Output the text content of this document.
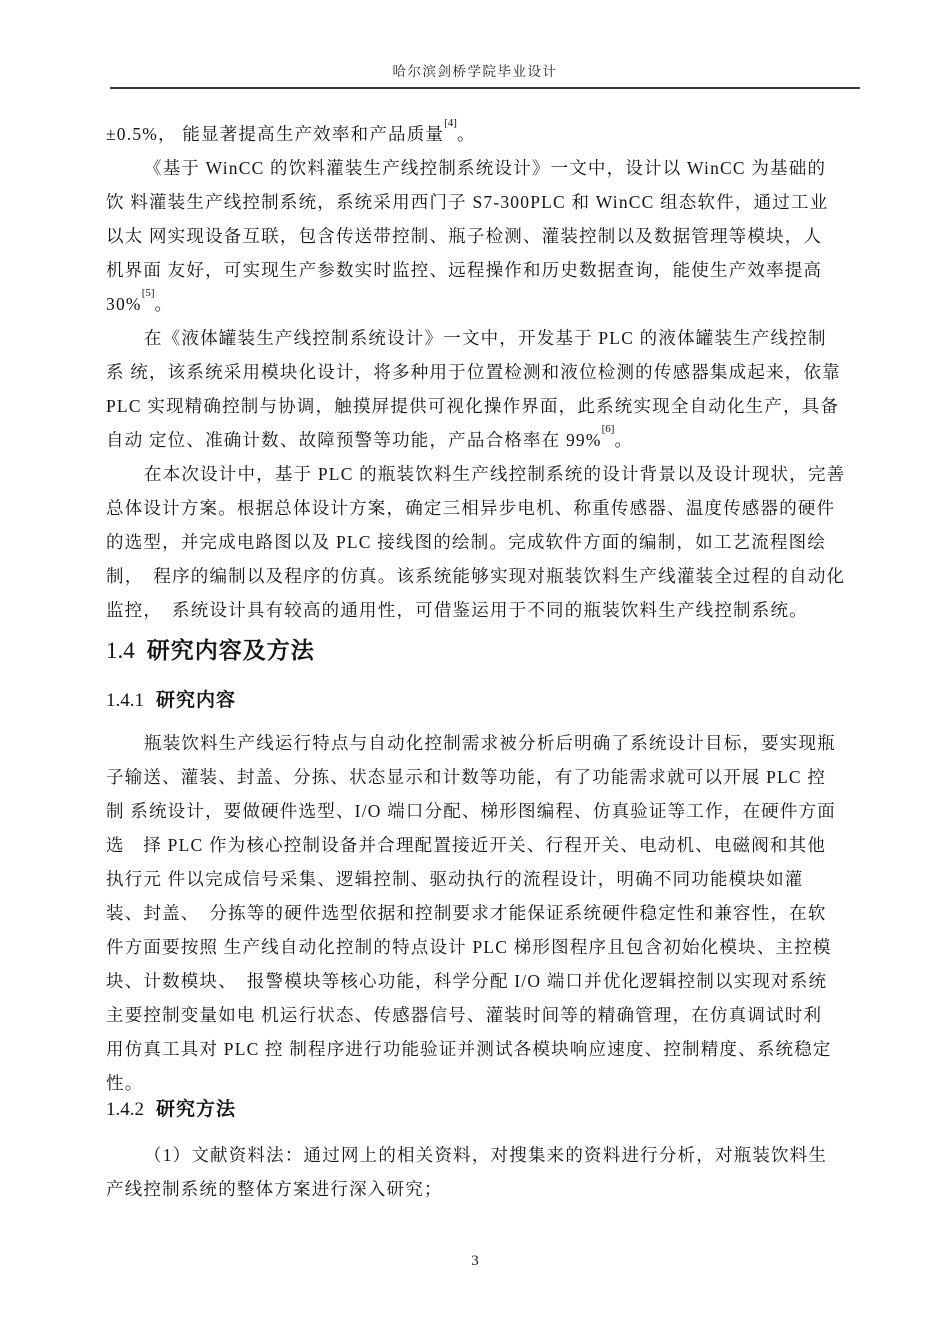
哈尔滨剑桥学院毕业设计
±0.5%， 能显著提高生产效率和产品质量[4]。
《基于 WinCC 的饮料灌装生产线控制系统设计》一文中，设计以 WinCC 为基础的
饮 料灌装生产线控制系统，系统采用西门子 S7-300PLC 和 WinCC 组态软件，通过工业
以太 网实现设备互联，包含传送带控制、瓶子检测、灌装控制以及数据管理等模块，人
机界面 友好，可实现生产参数实时监控、远程操作和历史数据查询，能使生产效率提高
30%[5]。
在《液体罐装生产线控制系统设计》一文中，开发基于 PLC 的液体罐装生产线控制
系 统，该系统采用模块化设计，将多种用于位置检测和液位检测的传感器集成起来，依靠
PLC 实现精确控制与协调，触摸屏提供可视化操作界面，此系统实现全自动化生产，具备
自动 定位、准确计数、故障预警等功能，产品合格率在 99%[6]。
在本次设计中，基于 PLC 的瓶装饮料生产线控制系统的设计背景以及设计现状，完善
总体设计方案。根据总体设计方案，确定三相异步电机、称重传感器、温度传感器的硬件
的选型，并完成电路图以及 PLC 接线图的绘制。完成软件方面的编制，如工艺流程图绘
制，　程序的编制以及程序的仿真。该系统能够实现对瓶装饮料生产线灌装全过程的自动化
监控，　系统设计具有较高的通用性，可借鉴运用于不同的瓶装饮料生产线控制系统。
1.4 研究内容及方法
1.4.1 研究内容
瓶装饮料生产线运行特点与自动化控制需求被分析后明确了系统设计目标，要实现瓶
子输送、灌装、封盖、分拣、状态显示和计数等功能，有了功能需求就可以开展 PLC 控
制 系统设计，要做硬件选型、I/O 端口分配、梯形图编程、仿真验证等工作，在硬件方面
选　择 PLC 作为核心控制设备并合理配置接近开关、行程开关、电动机、电磁阀和其他
执行元 件以完成信号采集、逻辑控制、驱动执行的流程设计，明确不同功能模块如灌
装、封盖、　分拣等的硬件选型依据和控制要求才能保证系统硬件稳定性和兼容性，在软
件方面要按照 生产线自动化控制的特点设计 PLC 梯形图程序且包含初始化模块、主控模
块、计数模块、　报警模块等核心功能，科学分配 I/O 端口并优化逻辑控制以实现对系统
主要控制变量如电 机运行状态、传感器信号、灌装时间等的精确管理，在仿真调试时利
用仿真工具对 PLC 控 制程序进行功能验证并测试各模块响应速度、控制精度、系统稳定
性。
1.4.2 研究方法
（1）文献资料法：通过网上的相关资料，对搜集来的资料进行分析，对瓶装饮料生
产线控制系统的整体方案进行深入研究；
3
